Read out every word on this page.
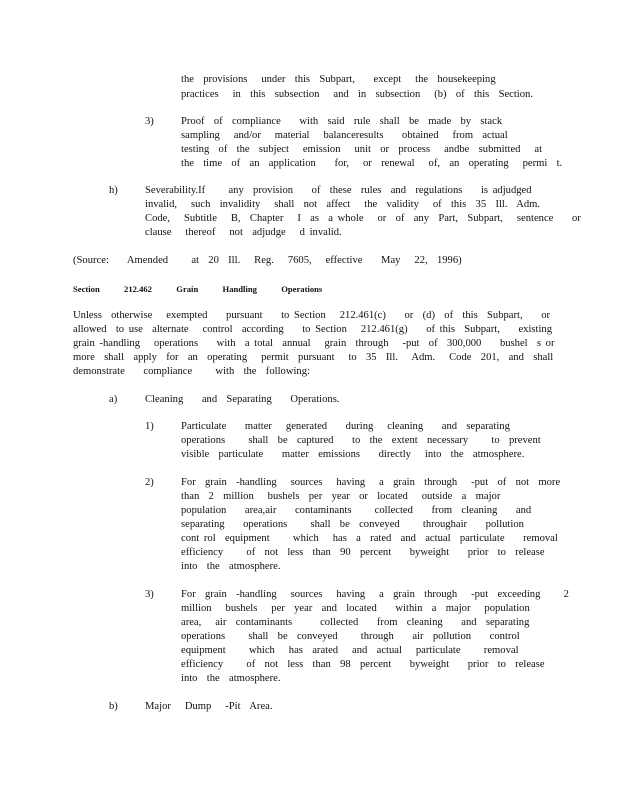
the  provisions   under  this  Subpart,    except   the  housekeeping
practices   in  this  subsection   and  in  subsection   (b)  of  this  Section.
3)	Proof  of  compliance    with  said  rule  shall  be  made  by  stack
sampling   and/or   material   balanceresults    obtained   from  actual
testing  of  the  subject   emission   unit  or  process   andbe  submitted   at
the  time  of  an  application    for,   or  renewal   of,  an  operating   permi  t.
h)	Severability.If     any  provision    of  these  rules  and  regulations    is adjudged
invalid,   such  invalidity   shall  not  affect   the  validity   of  this  35  Ill.  Adm.
Code,   Subtitle   B,  Chapter   I  as  a whole   or  of  any  Part,  Subpart,   sentence    or
clause   thereof   not  adjudge   d invalid.
(Source:    Amended     at  20  Ill.   Reg.   7605,   effective    May   22,  1996)
Section  212.462  Grain  Handling  Operations
Unless  otherwise   exempted    pursuant    to Section   212.461(c)    or  (d)  of  this  Subpart,    or
allowed  to use  alternate   control  according    to Section   212.461(g)    of this  Subpart,    existing
grain -handling   operations    with  a total  annual   grain  through   -put  of  300,000    bushel  s or
more  shall  apply  for  an  operating   permit  pursuant   to  35  Ill.   Adm.   Code  201,  and  shall
demonstrate    compliance     with  the  following:
a)	Cleaning    and  Separating    Operations.
1)	Particulate    matter   generated    during   cleaning    and  separating
operations     shall  be  captured    to  the  extent  necessary     to  prevent
visible  particulate    matter  emissions    directly   into  the  atmosphere.
2)	For  grain  -handling   sources   having   a  grain  through   -put  of  not  more
than  2  million   bushels  per  year  or  located   outside  a  major
population    area,air    contaminants     collected    from  cleaning    and
separating    operations     shall  be  conveyed     throughair    pollution
cont rol  equipment     which   has  a  rated  and  actual  particulate    removal
efficiency     of  not  less  than  90  percent    byweight    prior  to  release
into  the  atmosphere.
3)	For  grain  -handling   sources   having   a  grain  through   -put  exceeding     2
million   bushels   per  year  and  located    within  a  major   population
area,   air  contaminants      collected    from  cleaning    and  separating
operations     shall  be  conveyed     through    air  pollution    control
equipment     which   has  arated   and  actual   particulate     removal
efficiency     of  not  less  than  98  percent    byweight    prior  to  release
into  the  atmosphere.
b)	Major   Dump   -Pit  Area.
